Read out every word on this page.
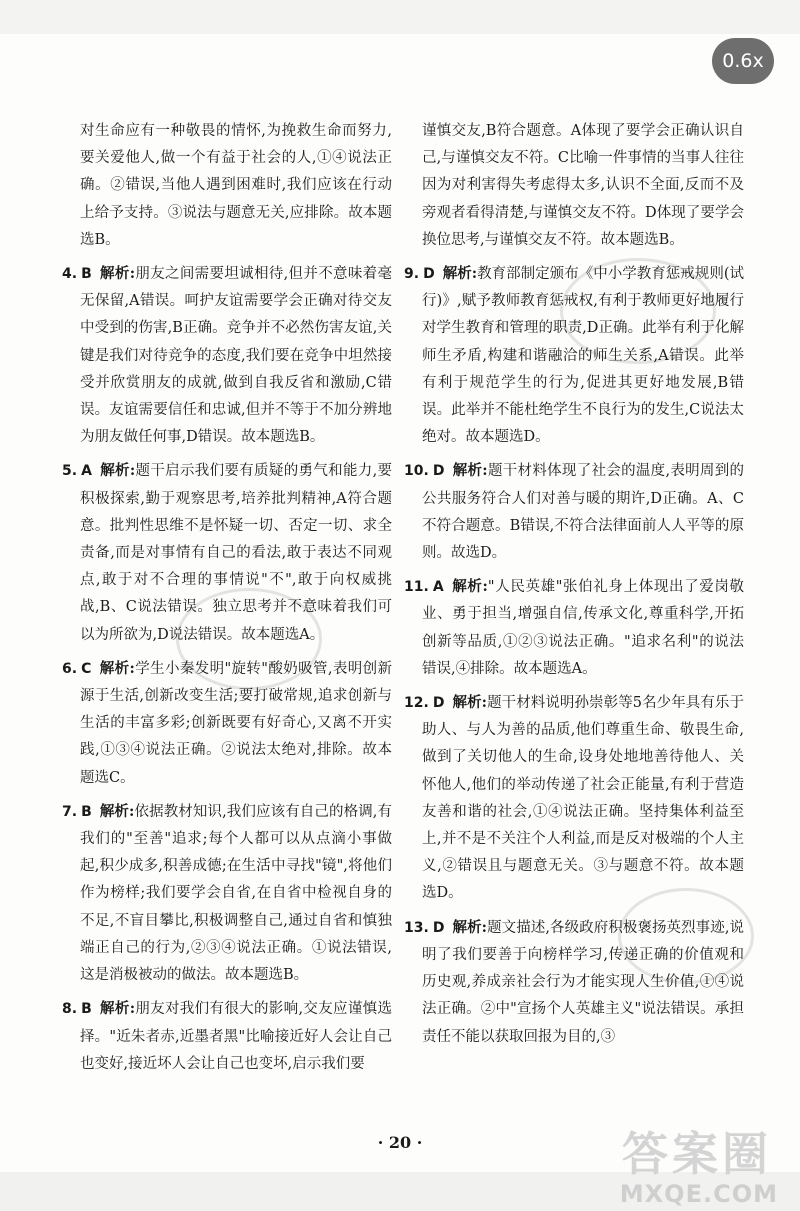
0.6x
对生命应有一种敬畏的情怀,为挽救生命而努力,要关爱他人,做一个有益于社会的人,①④说法正确。②错误,当他人遇到困难时,我们应该在行动上给予支持。③说法与题意无关,应排除。故本题选B。
4. B 解析:朋友之间需要坦诚相待,但并不意味着毫无保留,A错误。呵护友谊需要学会正确对待交友中受到的伤害,B正确。竞争并不必然伤害友谊,关键是我们对待竞争的态度,我们要在竞争中坦然接受并欣赏朋友的成就,做到自我反省和激励,C错误。友谊需要信任和忠诚,但并不等于不加分辨地为朋友做任何事,D错误。故本题选B。
5. A 解析:题干启示我们要有质疑的勇气和能力,要积极探索,勤于观察思考,培养批判精神,A符合题意。批判性思维不是怀疑一切、否定一切、求全责备,而是对事情有自己的看法,敢于表达不同观点,敢于对不合理的事情说"不",敢于向权威挑战,B、C说法错误。独立思考并不意味着我们可以为所欲为,D说法错误。故本题选A。
6. C 解析:学生小秦发明"旋转"酸奶吸管,表明创新源于生活,创新改变生活;要打破常规,追求创新与生活的丰富多彩;创新既要有好奇心,又离不开实践,①③④说法正确。②说法太绝对,排除。故本题选C。
7. B 解析:依据教材知识,我们应该有自己的格调,有我们的"至善"追求;每个人都可以从点滴小事做起,积少成多,积善成德;在生活中寻找"镜",将他们作为榜样;我们要学会自省,在自省中检视自身的不足,不盲目攀比,积极调整自己,通过自省和慎独端正自己的行为,②③④说法正确。①说法错误,这是消极被动的做法。故本题选B。
8. B 解析:朋友对我们有很大的影响,交友应谨慎选择。"近朱者赤,近墨者黑"比喻接近好人会让自己也变好,接近坏人会让自己也变坏,启示我们要
谨慎交友,B符合题意。A体现了要学会正确认识自己,与谨慎交友不符。C比喻一件事情的当事人往往因为对利害得失考虑得太多,认识不全面,反而不及旁观者看得清楚,与谨慎交友不符。D体现了要学会换位思考,与谨慎交友不符。故本题选B。
9. D 解析:教育部制定颁布《中小学教育惩戒规则(试行)》,赋予教师教育惩戒权,有利于教师更好地履行对学生教育和管理的职责,D正确。此举有利于化解师生矛盾,构建和谐融洽的师生关系,A错误。此举有利于规范学生的行为,促进其更好地发展,B错误。此举并不能杜绝学生不良行为的发生,C说法太绝对。故本题选D。
10. D 解析:题干材料体现了社会的温度,表明周到的公共服务符合人们对善与暖的期许,D正确。A、C不符合题意。B错误,不符合法律面前人人平等的原则。故选D。
11. A 解析:"人民英雄"张伯礼身上体现出了爱岗敬业、勇于担当,增强自信,传承文化,尊重科学,开拓创新等品质,①②③说法正确。"追求名利"的说法错误,④排除。故本题选A。
12. D 解析:题干材料说明孙崇彰等5名少年具有乐于助人、与人为善的品质,他们尊重生命、敬畏生命,做到了关切他人的生命,设身处地地善待他人、关怀他人,他们的举动传递了社会正能量,有利于营造友善和谐的社会,①④说法正确。坚持集体利益至上,并不是不关注个人利益,而是反对极端的个人主义,②错误且与题意无关。③与题意不符。故本题选D。
13. D 解析:题文描述,各级政府积极褒扬英烈事迹,说明了我们要善于向榜样学习,传递正确的价值观和历史观,养成亲社会行为才能实现人生价值,①④说法正确。②中"宣扬个人英雄主义"说法错误。承担责任不能以获取回报为目的,③
· 20 ·	答案圈
MXQE.COM
